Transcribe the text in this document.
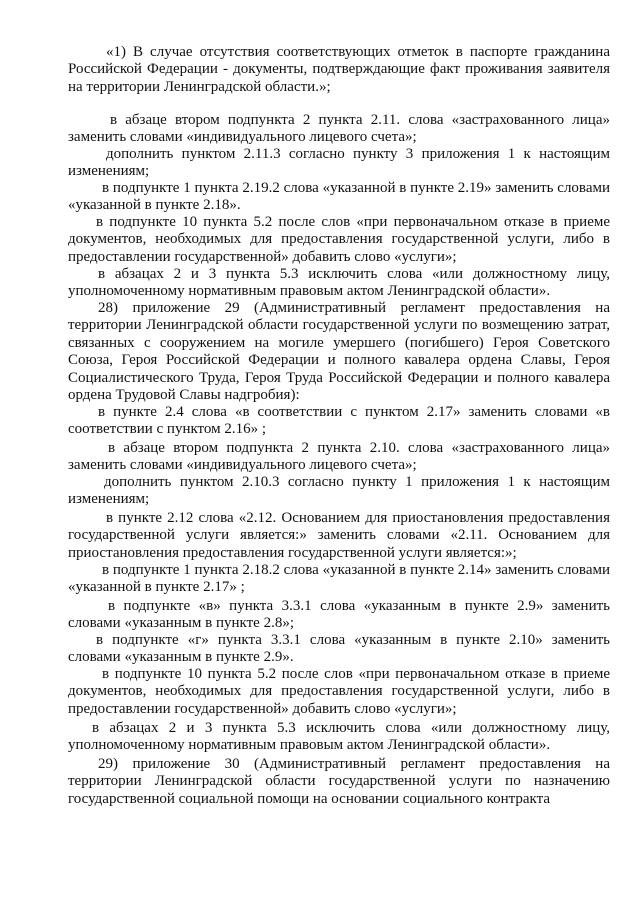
«1) В случае отсутствия соответствующих отметок в паспорте гражданина Российской Федерации - документы, подтверждающие факт проживания заявителя на территории Ленинградской области.»;

в абзаце втором подпункта 2 пункта 2.11. слова «застрахованного лица» заменить словами «индивидуального лицевого счета»;

дополнить пунктом 2.11.3 согласно пункту 3 приложения 1 к настоящим изменениям;

в подпункте 1 пункта 2.19.2 слова «указанной в пункте 2.19» заменить словами «указанной в пункте 2.18».

в подпункте 10 пункта 5.2 после слов «при первоначальном отказе в приеме документов, необходимых для предоставления государственной услуги, либо в предоставлении государственной» добавить слово «услуги»;

в абзацах 2 и 3 пункта 5.3 исключить слова «или должностному лицу, уполномоченному нормативным правовым актом Ленинградской области».

28) приложение 29 (Административный регламент предоставления на территории Ленинградской области государственной услуги по возмещению затрат, связанных с сооружением на могиле умершего (погибшего) Героя Советского Союза, Героя Российской Федерации и полного кавалера ордена Славы, Героя Социалистического Труда, Героя Труда Российской Федерации и полного кавалера ордена Трудовой Славы надгробия):

в пункте 2.4 слова «в соответствии с пунктом 2.17» заменить словами «в соответствии с пунктом 2.16» ;

в абзаце втором подпункта 2 пункта 2.10. слова «застрахованного лица» заменить словами «индивидуального лицевого счета»;

дополнить пунктом 2.10.3 согласно пункту 1 приложения 1 к настоящим изменениям;

в пункте 2.12 слова «2.12. Основанием для приостановления предоставления государственной услуги является:» заменить словами «2.11. Основанием для приостановления предоставления государственной услуги является:»;

в подпункте 1 пункта 2.18.2 слова «указанной в пункте 2.14» заменить словами «указанной в пункте 2.17» ;

в подпункте «в» пункта 3.3.1 слова «указанным в пункте 2.9» заменить словами «указанным в пункте 2.8»;

в подпункте «г» пункта 3.3.1 слова «указанным в пункте 2.10» заменить словами «указанным в пункте 2.9».

в подпункте 10 пункта 5.2 после слов «при первоначальном отказе в приеме документов, необходимых для предоставления государственной услуги, либо в предоставлении государственной» добавить слово «услуги»;

в абзацах 2 и 3 пункта 5.3 исключить слова «или должностному лицу, уполномоченному нормативным правовым актом Ленинградской области».

29) приложение 30 (Административный регламент предоставления на территории Ленинградской области государственной услуги по назначению государственной социальной помощи на основании социального контракта
